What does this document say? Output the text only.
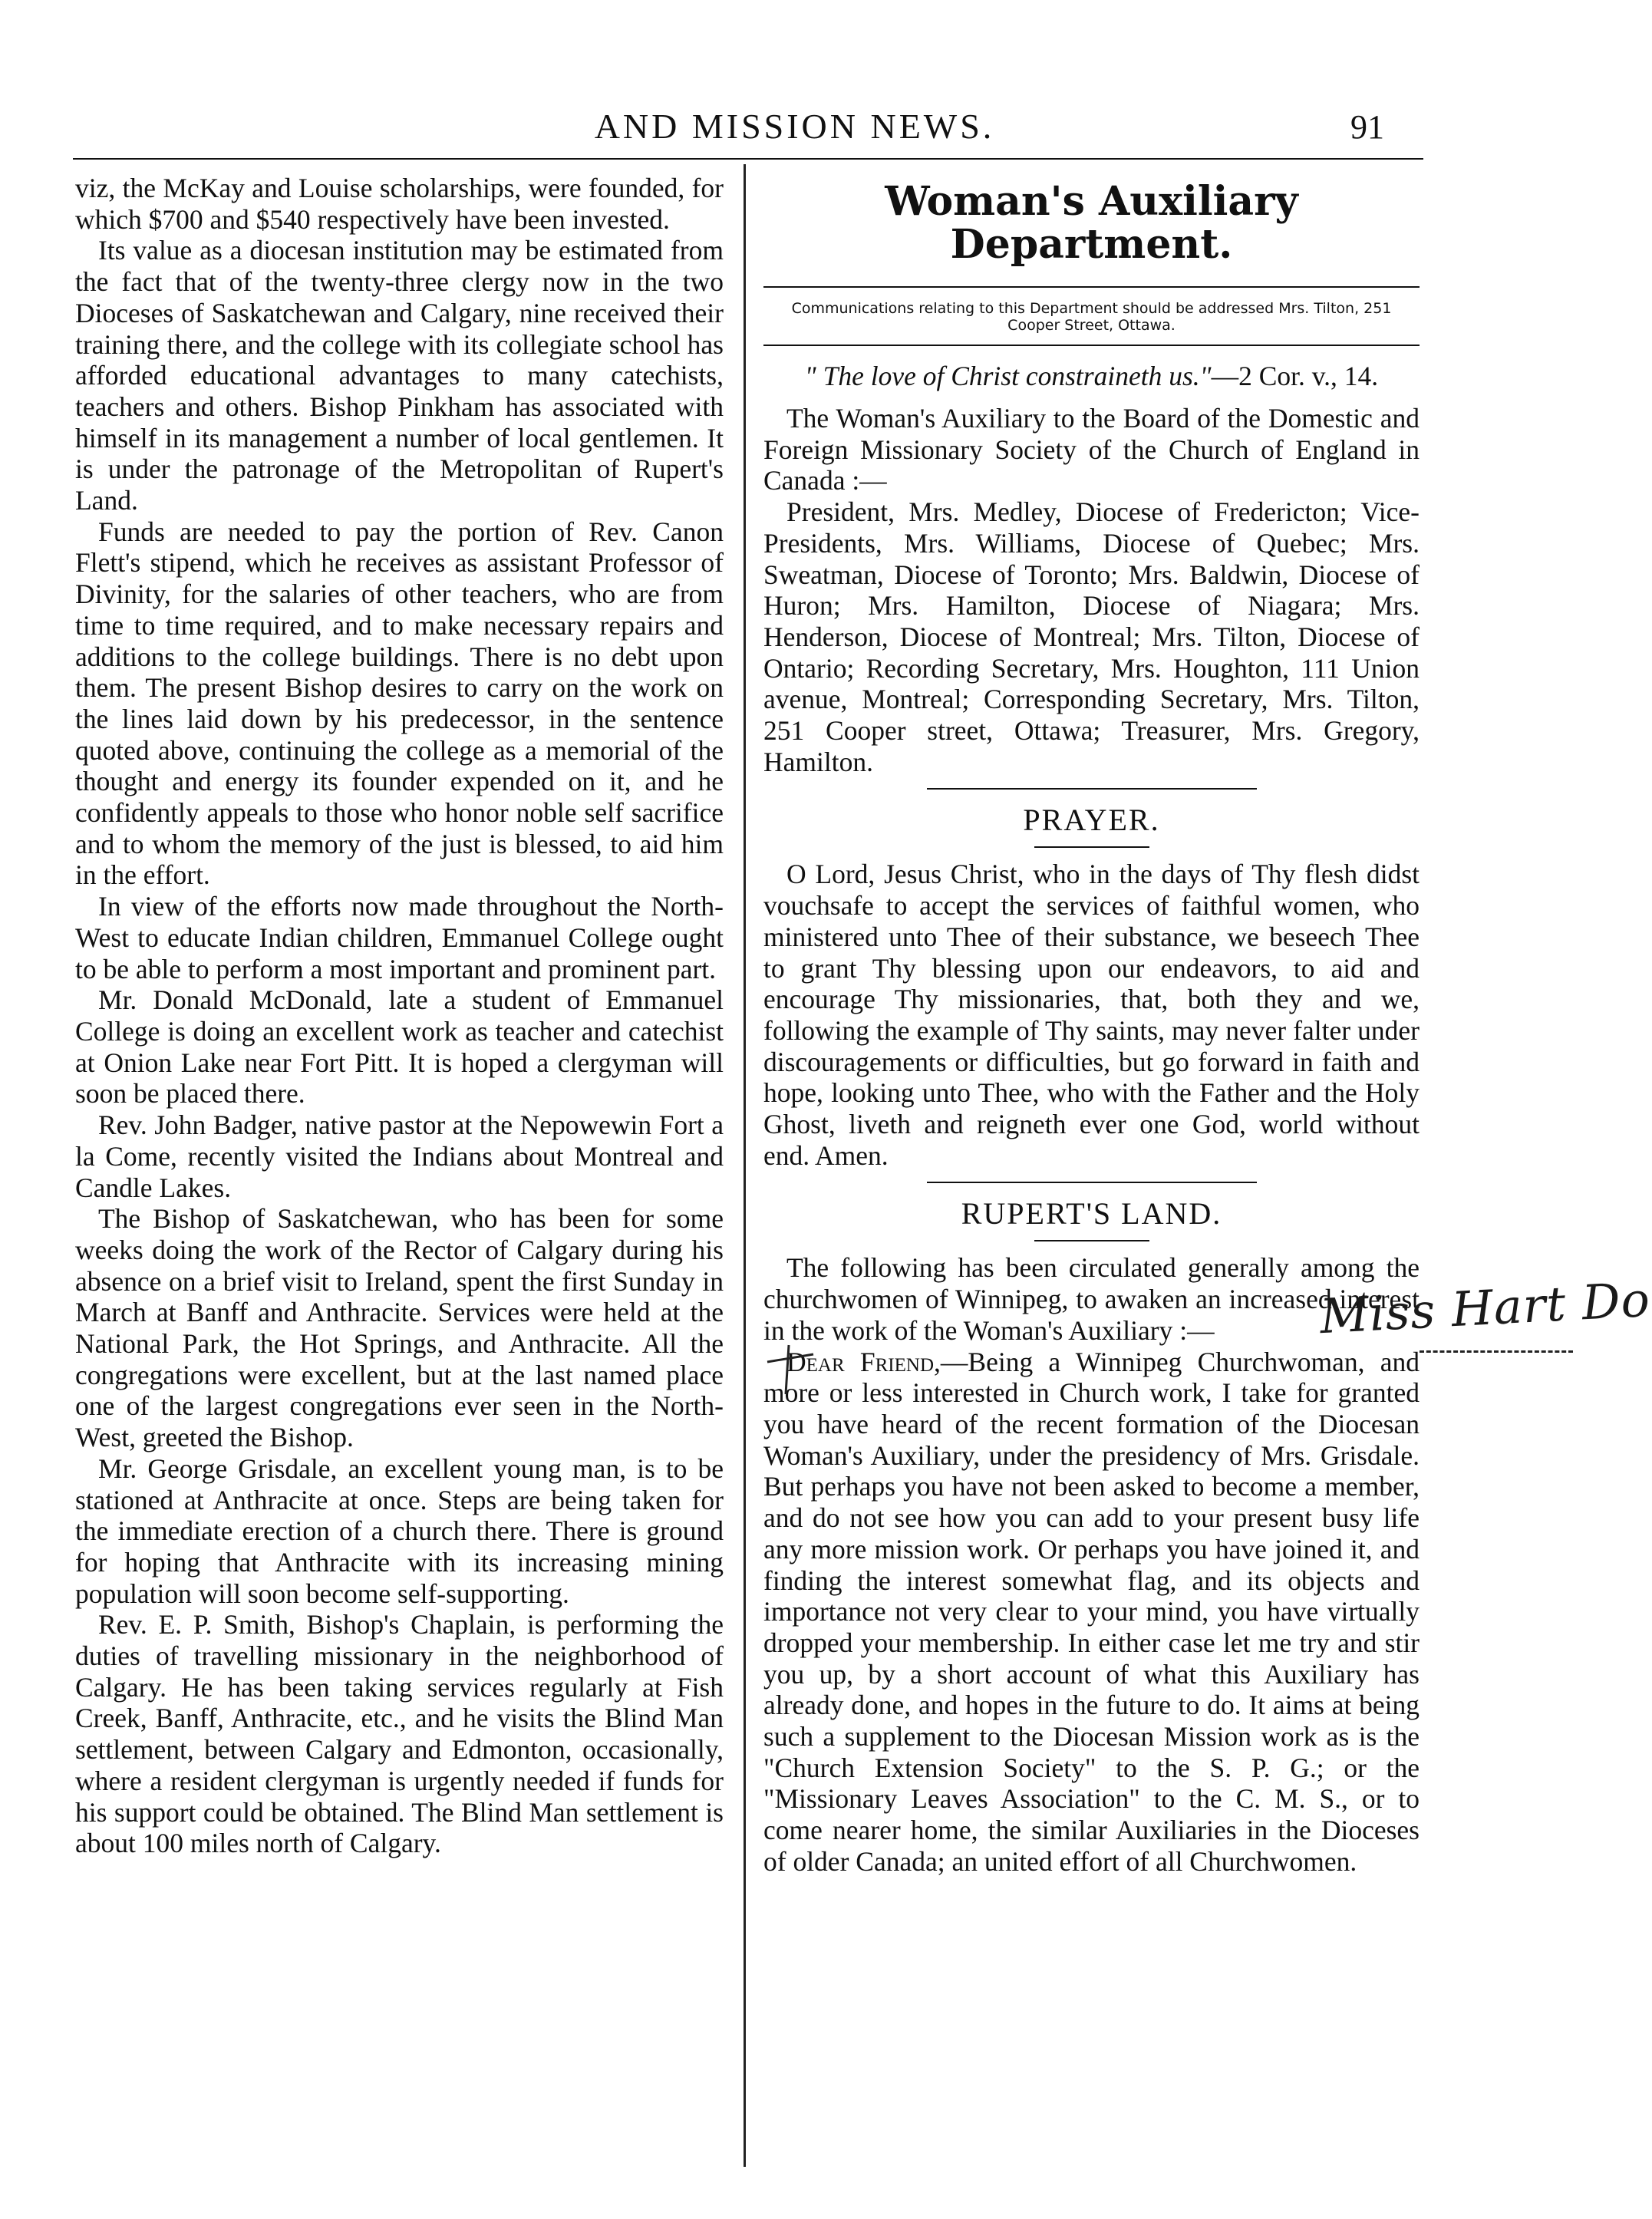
AND MISSION NEWS.	91

viz, the McKay and Louise scholarships, were founded, for which $700 and $540 respectively have been invested.

Its value as a diocesan institution may be estimated from the fact that of the twenty-three clergy now in the two Dioceses of Saskatchewan and Calgary, nine received their training there, and the college with its collegiate school has afforded educational advantages to many catechists, teachers and others. Bishop Pinkham has associated with himself in its management a number of local gentlemen. It is under the patronage of the Metropolitan of Rupert's Land.

Funds are needed to pay the portion of Rev. Canon Flett's stipend, which he receives as assistant Professor of Divinity, for the salaries of other teachers, who are from time to time required, and to make necessary repairs and additions to the college buildings. There is no debt upon them. The present Bishop desires to carry on the work on the lines laid down by his predecessor, in the sentence quoted above, continuing the college as a memorial of the thought and energy its founder expended on it, and he confidently appeals to those who honor noble self sacrifice and to whom the memory of the just is blessed, to aid him in the effort.

In view of the efforts now made throughout the North-West to educate Indian children, Emmanuel College ought to be able to perform a most important and prominent part.

Mr. Donald McDonald, late a student of Emmanuel College is doing an excellent work as teacher and catechist at Onion Lake near Fort Pitt. It is hoped a clergyman will soon be placed there.

Rev. John Badger, native pastor at the Nepowewin Fort a la Come, recently visited the Indians about Montreal and Candle Lakes.

The Bishop of Saskatchewan, who has been for some weeks doing the work of the Rector of Calgary during his absence on a brief visit to Ireland, spent the first Sunday in March at Banff and Anthracite. Services were held at the National Park, the Hot Springs, and Anthracite. All the congregations were excellent, but at the last named place one of the largest congregations ever seen in the North-West, greeted the Bishop.

Mr. George Grisdale, an excellent young man, is to be stationed at Anthracite at once. Steps are being taken for the immediate erection of a church there. There is ground for hoping that Anthracite with its increasing mining population will soon become self-supporting.

Rev. E. P. Smith, Bishop's Chaplain, is performing the duties of travelling missionary in the neighborhood of Calgary. He has been taking services regularly at Fish Creek, Banff, Anthracite, etc., and he visits the Blind Man settlement, between Calgary and Edmonton, occasionally, where a resident clergyman is urgently needed if funds for his support could be obtained. The Blind Man settlement is about 100 miles north of Calgary.

Woman's Auxiliary Department.
Communications relating to this Department should be addressed Mrs. Tilton, 251 Cooper Street, Ottawa.
" The love of Christ constraineth us."—2 Cor. v., 14.

The Woman's Auxiliary to the Board of the Domestic and Foreign Missionary Society of the Church of England in Canada :—

President, Mrs. Medley, Diocese of Fredericton; Vice-Presidents, Mrs. Williams, Diocese of Quebec; Mrs. Sweatman, Diocese of Toronto; Mrs. Baldwin, Diocese of Huron; Mrs. Hamilton, Diocese of Niagara; Mrs. Henderson, Diocese of Montreal; Mrs. Tilton, Diocese of Ontario; Recording Secretary, Mrs. Houghton, 111 Union avenue, Montreal; Corresponding Secretary, Mrs. Tilton, 251 Cooper street, Ottawa; Treasurer, Mrs. Gregory, Hamilton.

PRAYER.

O Lord, Jesus Christ, who in the days of Thy flesh didst vouchsafe to accept the services of faithful women, who ministered unto Thee of their substance, we beseech Thee to grant Thy blessing upon our endeavors, to aid and encourage Thy missionaries, that, both they and we, following the example of Thy saints, may never falter under discouragements or difficulties, but go forward in faith and hope, looking unto Thee, who with the Father and the Holy Ghost, liveth and reigneth ever one God, world without end. Amen.

RUPERT'S LAND.

The following has been circulated generally among the churchwomen of Winnipeg, to awaken an increased interest in the work of the Woman's Auxiliary :—

Dear Friend,—Being a Winnipeg Churchwoman, and more or less interested in Church work, I take for granted you have heard of the recent formation of the Diocesan Woman's Auxiliary, under the presidency of Mrs. Grisdale. But perhaps you have not been asked to become a member, and do not see how you can add to your present busy life any more mission work. Or perhaps you have joined it, and finding the interest somewhat flag, and its objects and importance not very clear to your mind, you have virtually dropped your membership. In either case let me try and stir you up, by a short account of what this Auxiliary has already done, and hopes in the future to do. It aims at being such a supplement to the Diocesan Mission work as is the "Church Extension Society" to the S. P. G.; or the "Missionary Leaves Association" to the C. M. S., or to come nearer home, the similar Auxiliaries in the Dioceses of older Canada; an united effort of all Churchwomen.

Miss Hart Do
